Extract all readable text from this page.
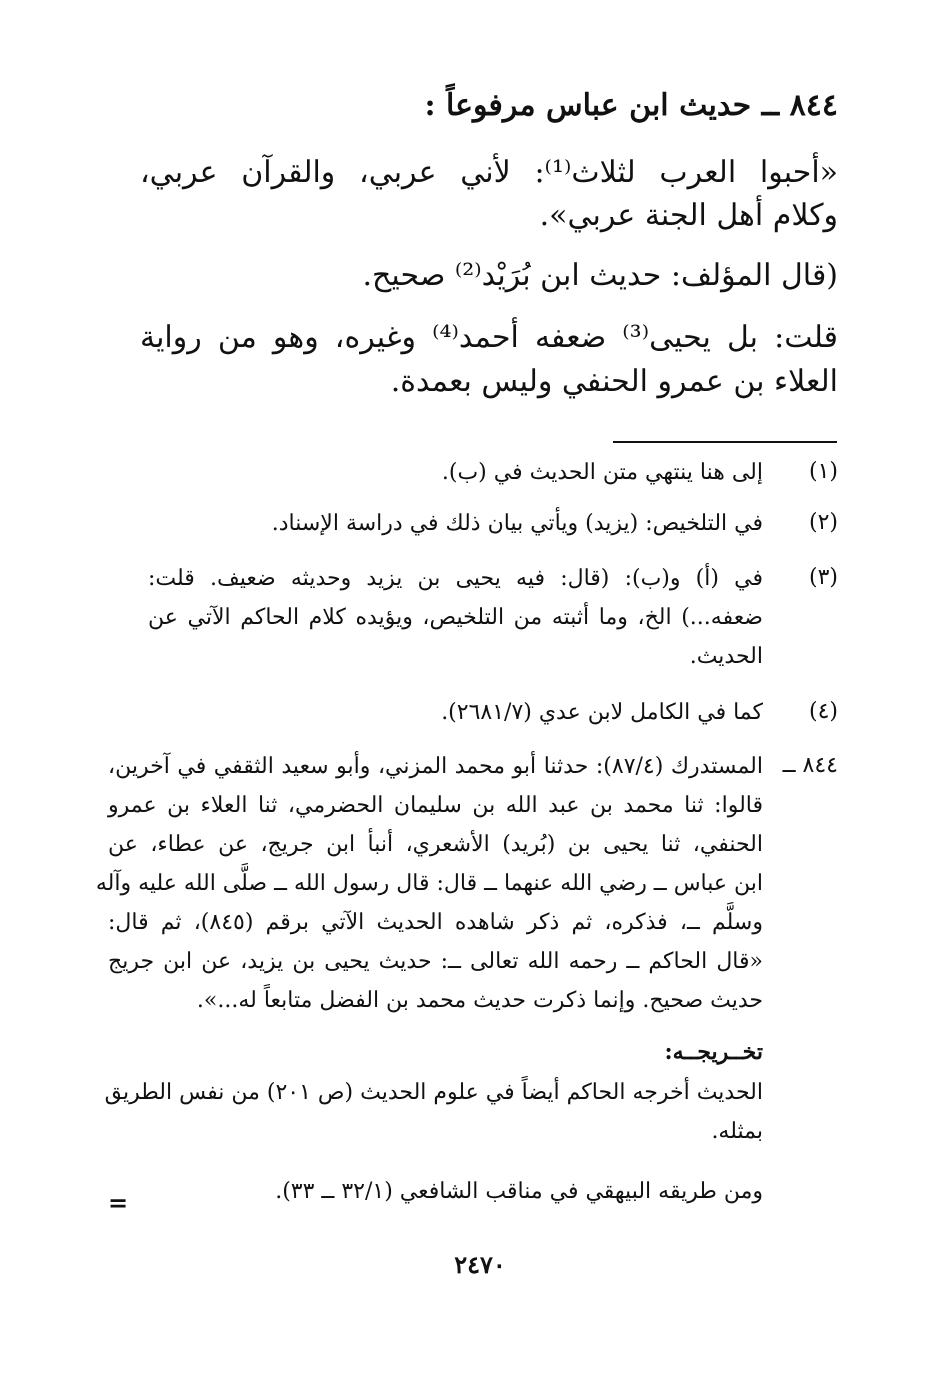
٨٤٤ ــ حديث ابن عباس مرفوعاً :

«أحبوا العرب لثلاث⁽¹⁾: لأني عربي، والقرآن عربي،

وكلام أهل الجنة عربي».

(قال المؤلف: حديث ابن بُرَيْد⁽²⁾ صحيح.

قلت: بل يحيى⁽³⁾ ضعفه أحمد⁽⁴⁾ وغيره، وهو من رواية

العلاء بن عمرو الحنفي وليس بعمدة.

(١)

إلى هنا ينتهي متن الحديث في (ب).

(٢)

في التلخيص: (يزيد) ويأتي بيان ذلك في دراسة الإسناد.

(٣)

في (أ) و(ب): (قال: فيه يحيى بن يزيد وحديثه ضعيف. قلت:

ضعفه...) الخ، وما أثبته من التلخيص، ويؤيده كلام الحاكم الآتي عن

الحديث.

(٤)

كما في الكامل لابن عدي (٢٦٨١/٧).

٨٤٤ ــ

المستدرك (٨٧/٤): حدثنا أبو محمد المزني، وأبو سعيد الثقفي في آخرين،

قالوا: ثنا محمد بن عبد الله بن سليمان الحضرمي، ثنا العلاء بن عمرو

الحنفي، ثنا يحيى بن (بُريد) الأشعري، أنبأ ابن جريج، عن عطاء، عن

ابن عباس ــ رضي الله عنهما ــ قال: قال رسول الله ــ صلَّى الله عليه وآله

وسلَّم ــ، فذكره، ثم ذكر شاهده الحديث الآتي برقم (٨٤٥)، ثم قال:

«قال الحاكم ــ رحمه الله تعالى ــ: حديث يحيى بن يزيد، عن ابن جريج

حديث صحيح. وإنما ذكرت حديث محمد بن الفضل متابعاً له...».

تخــريجــه:

الحديث أخرجه الحاكم أيضاً في علوم الحديث (ص ٢٠١) من نفس الطريق

بمثله.

ومن طريقه البيهقي في مناقب الشافعي (٣٢/١ ــ ٣٣).

=
٢٤٧٠
